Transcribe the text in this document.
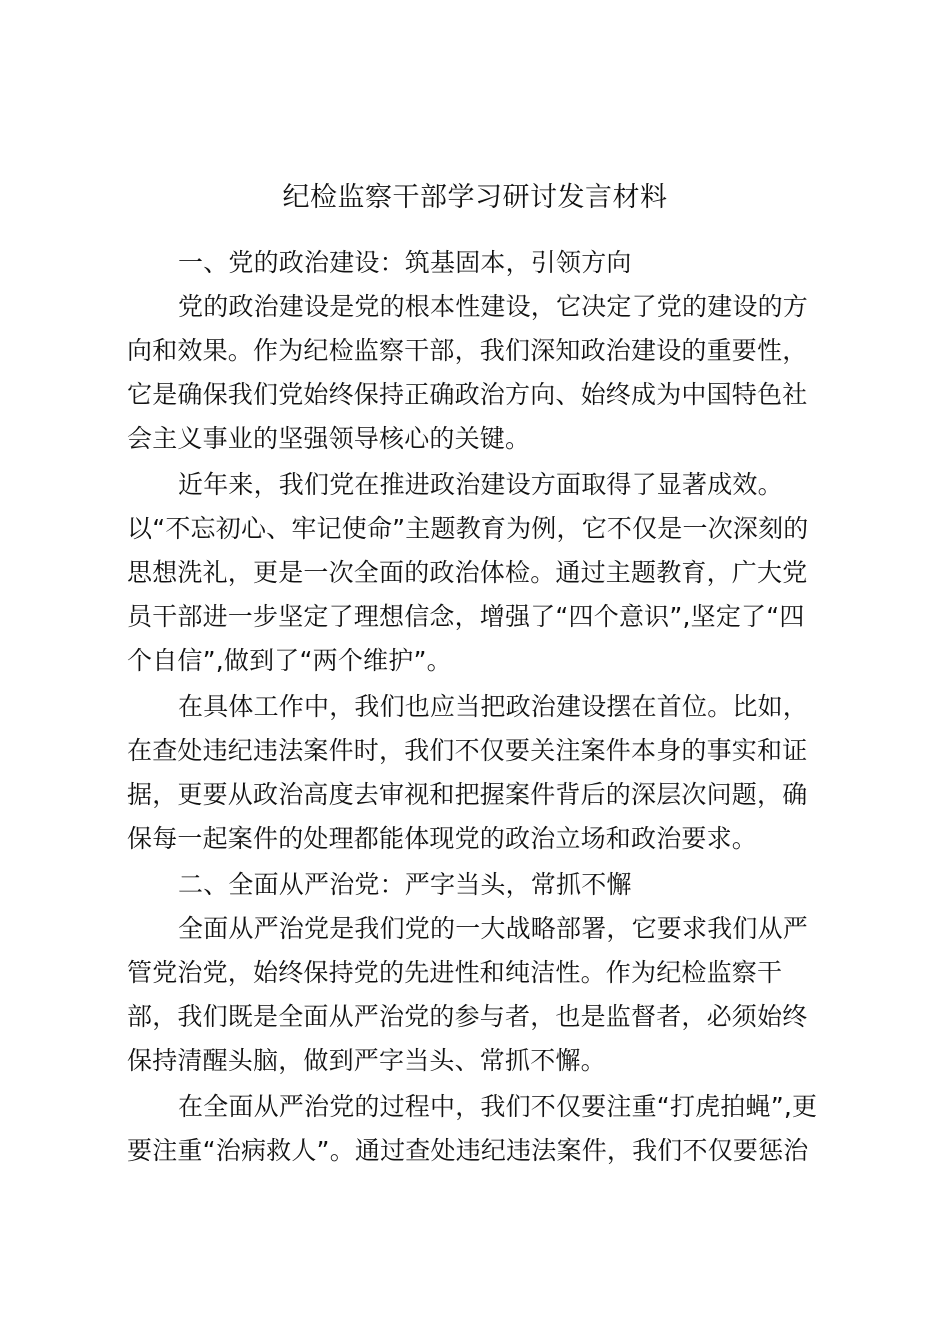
纪检监察干部学习研讨发言材料
一、党的政治建设：筑基固本，引领方向
党的政治建设是党的根本性建设，它决定了党的建设的方
向和效果。作为纪检监察干部，我们深知政治建设的重要性，
它是确保我们党始终保持正确政治方向、始终成为中国特色社
会主义事业的坚强领导核心的关键。
近年来，我们党在推进政治建设方面取得了显著成效。
以“不忘初心、牢记使命”主题教育为例，它不仅是一次深刻的
思想洗礼，更是一次全面的政治体检。通过主题教育，广大党
员干部进一步坚定了理想信念，增强了“四个意识”,坚定了“四
个自信”,做到了“两个维护”。
在具体工作中，我们也应当把政治建设摆在首位。比如，
在查处违纪违法案件时，我们不仅要关注案件本身的事实和证
据，更要从政治高度去审视和把握案件背后的深层次问题，确
保每一起案件的处理都能体现党的政治立场和政治要求。
二、全面从严治党：严字当头，常抓不懈
全面从严治党是我们党的一大战略部署，它要求我们从严
管党治党，始终保持党的先进性和纯洁性。作为纪检监察干
部，我们既是全面从严治党的参与者，也是监督者，必须始终
保持清醒头脑，做到严字当头、常抓不懈。
在全面从严治党的过程中，我们不仅要注重“打虎拍蝇”,更
要注重“治病救人”。通过查处违纪违法案件，我们不仅要惩治
